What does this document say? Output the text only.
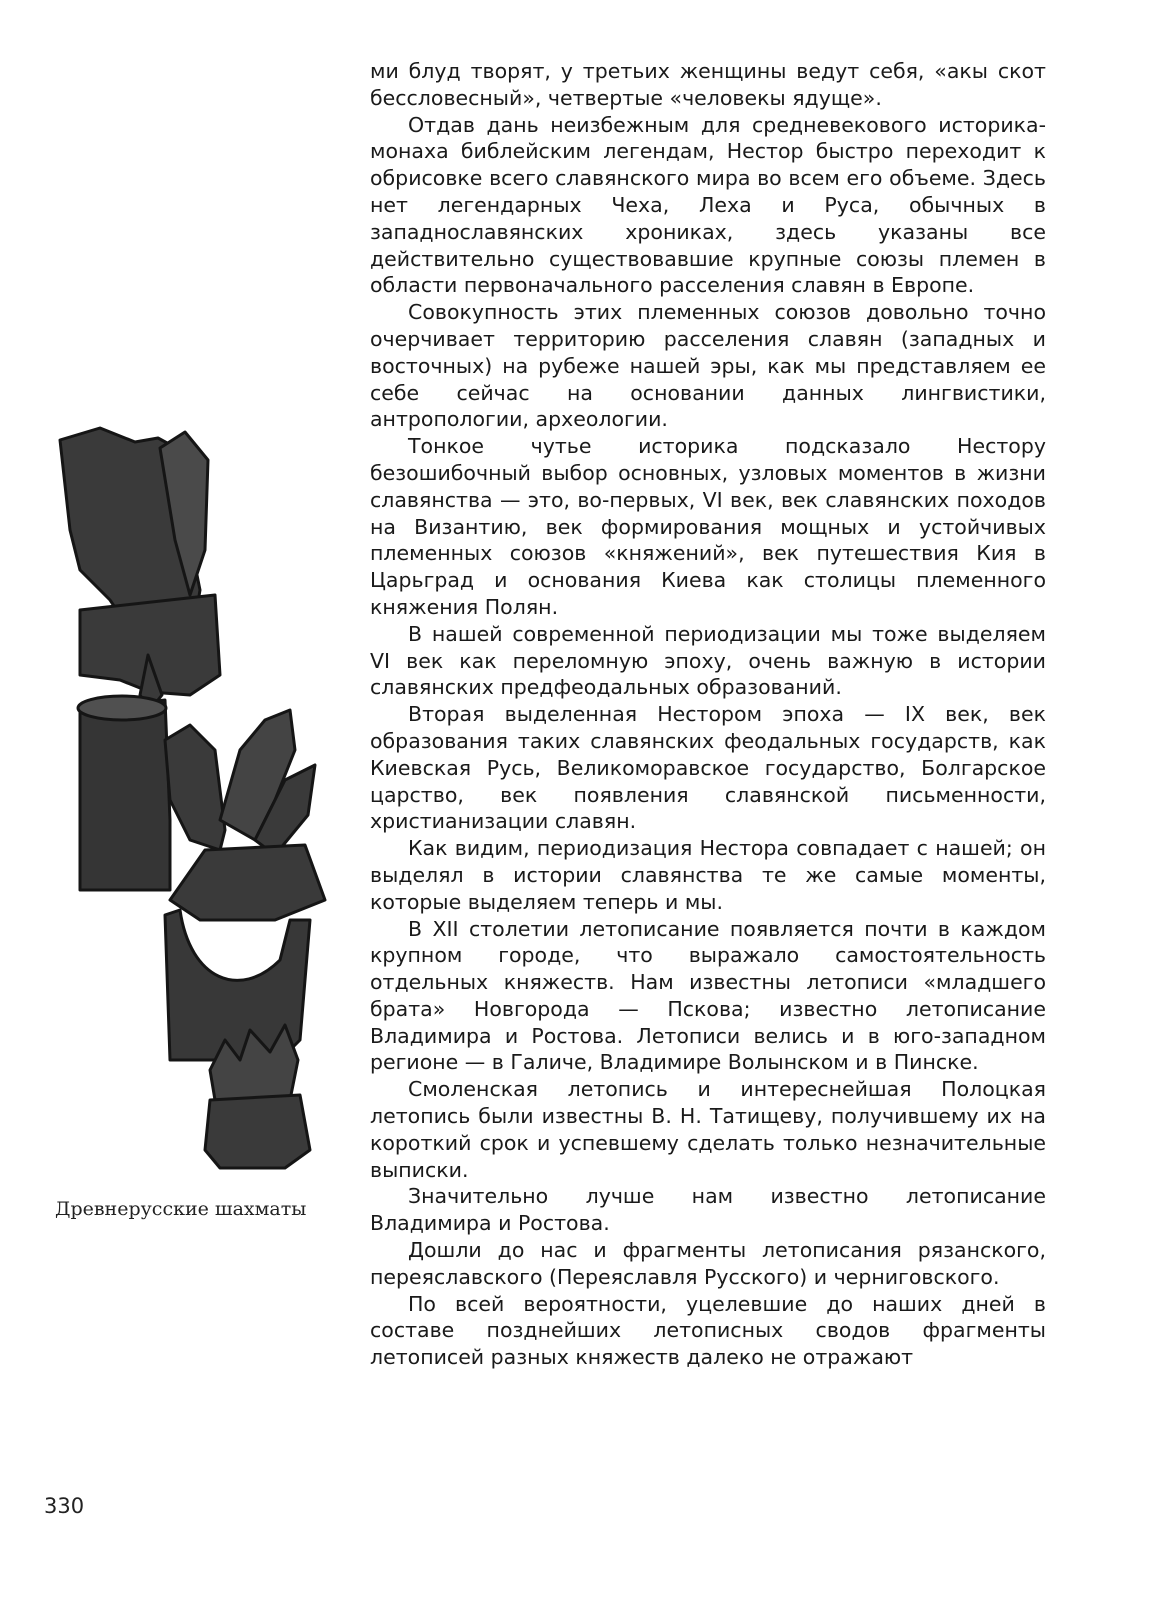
Древнерусские шахматы

ми блуд творят, у третьих женщины ведут себя, «акы скот бессловесный», четвертые «человекы ядуще».

Отдав дань неизбежным для средневекового историка-монаха библейским легендам, Нестор быстро переходит к обрисовке всего славянского мира во всем его объеме. Здесь нет легендарных Чеха, Леха и Руса, обычных в западнославянских хрониках, здесь указаны все действительно существовавшие крупные союзы племен в области первоначального расселения славян в Европе.

Совокупность этих племенных союзов довольно точно очерчивает территорию расселения славян (западных и восточных) на рубеже нашей эры, как мы представляем ее себе сейчас на основании данных лингвистики, антропологии, археологии.

Тонкое чутье историка подсказало Нестору безошибочный выбор основных, узловых моментов в жизни славянства — это, во-первых, VI век, век славянских походов на Византию, век формирования мощных и устойчивых племенных союзов «княжений», век путешествия Кия в Царьград и основания Киева как столицы племенного княжения Полян.

В нашей современной периодизации мы тоже выделяем VI век как переломную эпоху, очень важную в истории славянских предфеодальных образований.

Вторая выделенная Нестором эпоха — IX век, век образования таких славянских феодальных государств, как Киевская Русь, Великоморавское государство, Болгарское царство, век появления славянской письменности, христианизации славян.

Как видим, периодизация Нестора совпадает с нашей; он выделял в истории славянства те же самые моменты, которые выделяем теперь и мы.

В XII столетии летописание появляется почти в каждом крупном городе, что выражало самостоятельность отдельных княжеств. Нам известны летописи «младшего брата» Новгорода — Пскова; известно летописание Владимира и Ростова. Летописи велись и в юго-западном регионе — в Галиче, Владимире Волынском и в Пинске.

Смоленская летопись и интереснейшая Полоцкая летопись были известны В. Н. Татищеву, получившему их на короткий срок и успевшему сделать только незначительные выписки.

Значительно лучше нам известно летописание Владимира и Ростова.

Дошли до нас и фрагменты летописания рязанского, переяславского (Переяславля Русского) и черниговского.

По всей вероятности, уцелевшие до наших дней в составе позднейших летописных сводов фрагменты летописей разных княжеств далеко не отражают

330
